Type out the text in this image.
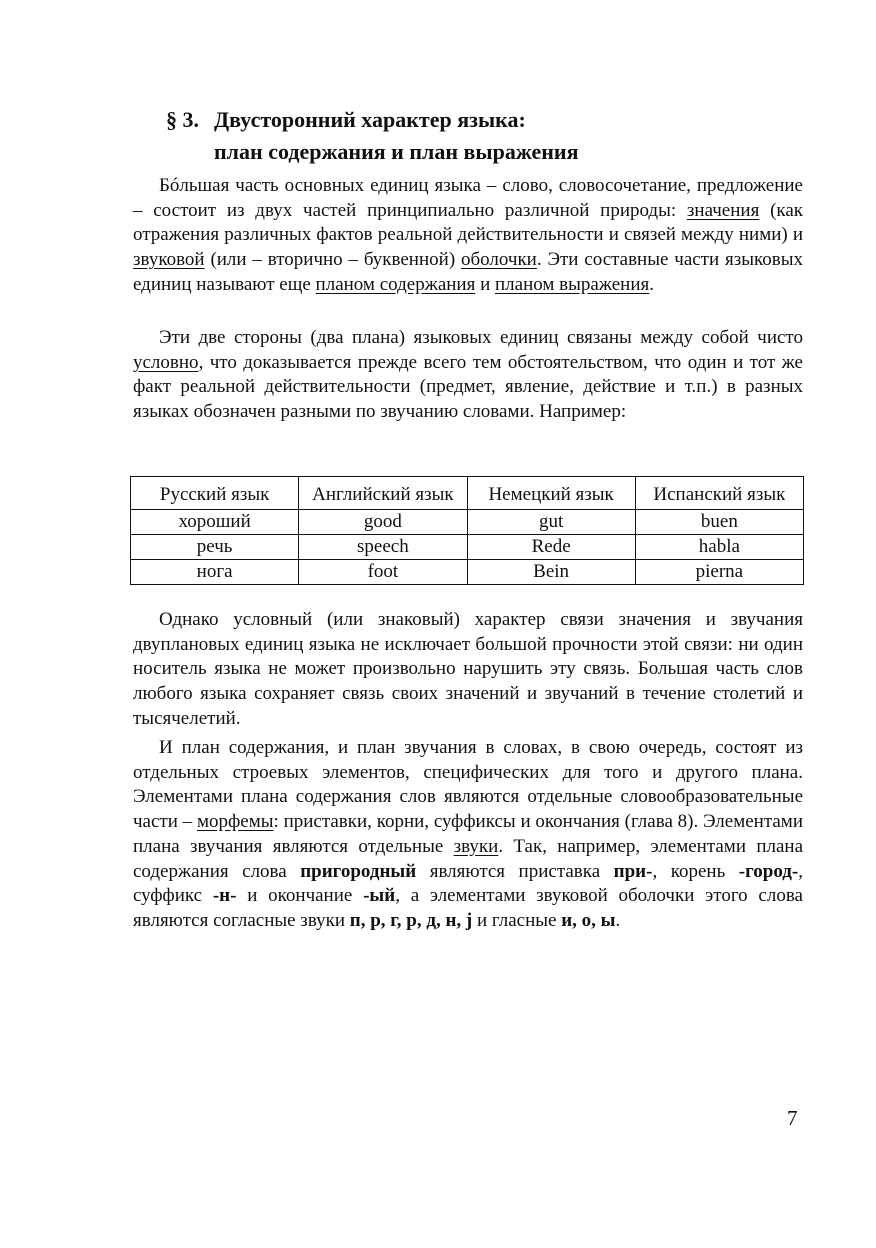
§ 3. Двусторонний характер языка:
план содержания и план выражения

Бóльшая часть основных единиц языка – слово, словосочетание, предложение – состоит из двух частей принципиально различной природы: значения (как отражения различных фактов реальной действительности и связей между ними) и звуковой (или – вторично – буквенной) оболочки. Эти составные части языковых единиц называют еще планом содержания и планом выражения.

Эти две стороны (два плана) языковых единиц связаны между собой чисто условно, что доказывается прежде всего тем обстоятельством, что один и тот же факт реальной действительности (предмет, явление, действие и т.п.) в разных языках обозначен разными по звучанию словами. Например:

Русский язык	Английский язык	Немецкий язык	Испанский язык
хороший	good	gut	buen
речь	speech	Rede	habla
нога	foot	Bein	pierna

Однако условный (или знаковый) характер связи значения и звучания двуплановых единиц языка не исключает большой прочности этой связи: ни один носитель языка не может произвольно нарушить эту связь. Большая часть слов любого языка сохраняет связь своих значений и звучаний в течение столетий и тысячелетий.

И план содержания, и план звучания в словах, в свою очередь, состоят из отдельных строевых элементов, специфических для того и другого плана. Элементами плана содержания слов являются отдельные словообразовательные части – морфемы: приставки, корни, суффиксы и окончания (глава 8). Элементами плана звучания являются отдельные звуки. Так, например, элементами плана содержания слова пригородный являются приставка при-, корень -город-, суффикс -н- и окончание -ый, а элементами звуковой оболочки этого слова являются согласные звуки п, р, г, р, д, н, j и гласные и, о, ы.

7
